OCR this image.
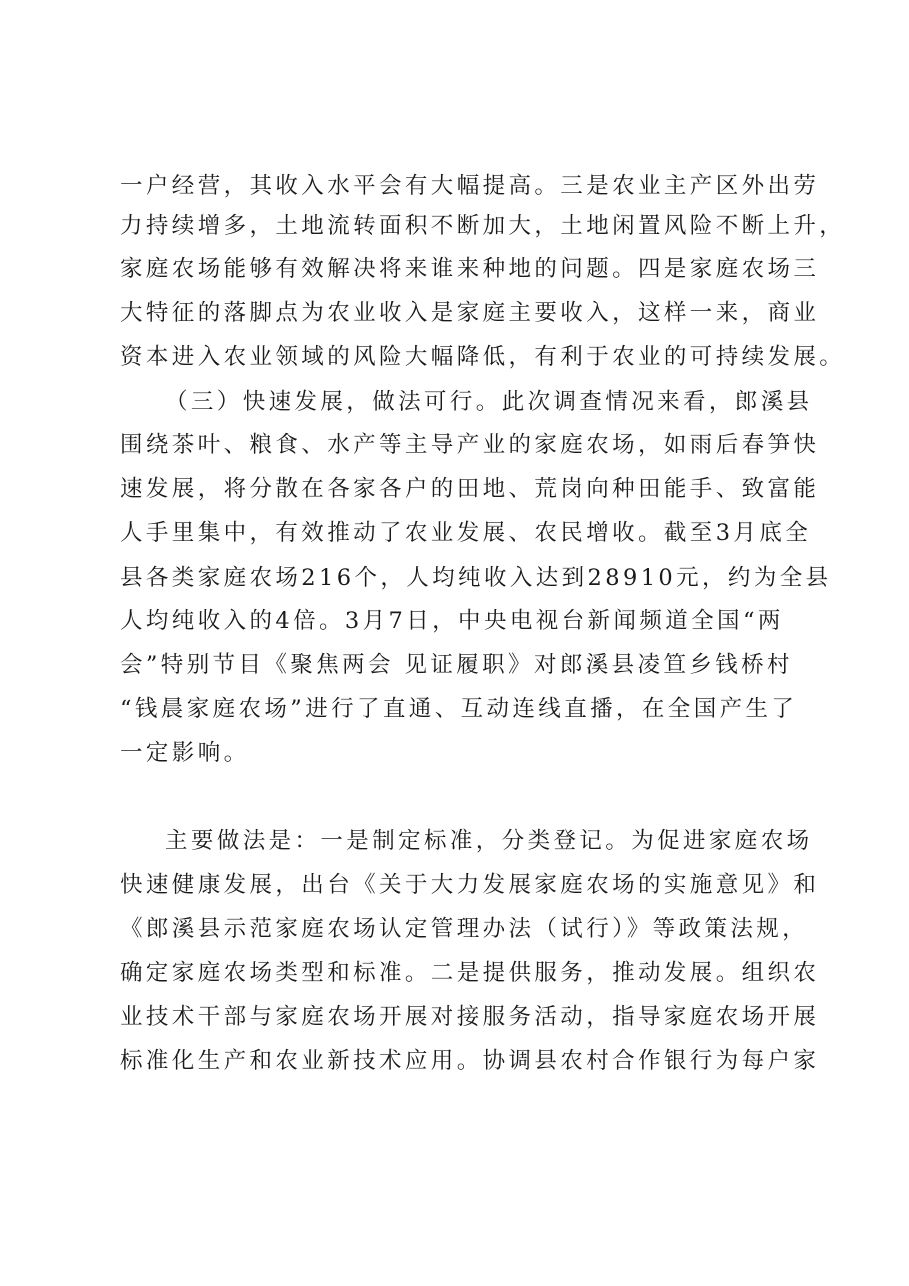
一户经营，其收入水平会有大幅提高。三是农业主产区外出劳
力持续增多，土地流转面积不断加大，土地闲置风险不断上升，
家庭农场能够有效解决将来谁来种地的问题。四是家庭农场三
大特征的落脚点为农业收入是家庭主要收入，这样一来，商业
资本进入农业领域的风险大幅降低，有利于农业的可持续发展。
（三）快速发展，做法可行。此次调查情况来看，郎溪县
围绕茶叶、粮食、水产等主导产业的家庭农场，如雨后春笋快
速发展，将分散在各家各户的田地、荒岗向种田能手、致富能
人手里集中，有效推动了农业发展、农民增收。截至3月底全
县各类家庭农场216个，人均纯收入达到28910元，约为全县
人均纯收入的4倍。3月7日，中央电视台新闻频道全国“两
会”特别节目《聚焦两会 见证履职》对郎溪县凌笪乡钱桥村
“钱晨家庭农场”进行了直通、互动连线直播，在全国产生了
一定影响。
主要做法是：一是制定标准，分类登记。为促进家庭农场
快速健康发展，出台《关于大力发展家庭农场的实施意见》和
《郎溪县示范家庭农场认定管理办法（试行）》等政策法规，
确定家庭农场类型和标准。二是提供服务，推动发展。组织农
业技术干部与家庭农场开展对接服务活动，指导家庭农场开展
标准化生产和农业新技术应用。协调县农村合作银行为每户家
